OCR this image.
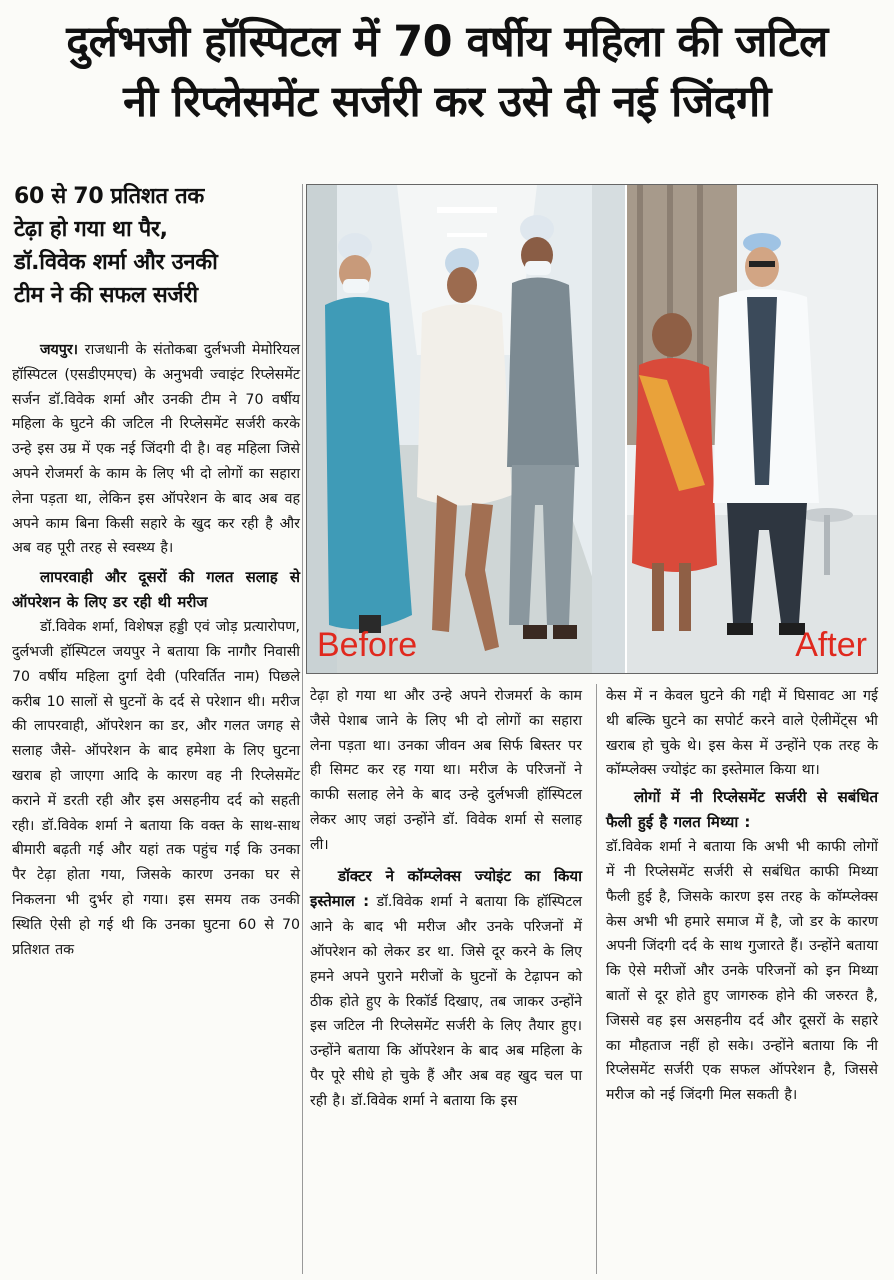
दुर्लभजी हॉस्पिटल में 70 वर्षीय महिला की जटिल
नी रिप्लेसमेंट सर्जरी कर उसे दी नई जिंदगी
60 से 70 प्रतिशत तक
टेढ़ा हो गया था पैर,
डॉ.विवेक शर्मा और उनकी
टीम ने की सफल सर्जरी
Before	After

जयपुर। राजधानी के संतोकबा दुर्लभजी मेमोरियल हॉस्पिटल (एसडीएमएच) के अनुभवी ज्वाइंट रिप्लेसमेंट सर्जन डॉ.विवेक शर्मा और उनकी टीम ने 70 वर्षीय महिला के घुटने की जटिल नी रिप्लेसमेंट सर्जरी करके उन्हे इस उम्र में एक नई जिंदगी दी है। वह महिला जिसे अपने रोजमर्रा के काम के लिए भी दो लोगों का सहारा लेना पड़ता था, लेकिन इस ऑपरेशन के बाद अब वह अपने काम बिना किसी सहारे के खुद कर रही है और अब वह पूरी तरह से स्वस्थ्य है।

लापरवाही और दूसरों की गलत सलाह से ऑपरेशन के लिए डर रही थी मरीज

डॉ.विवेक शर्मा, विशेषज्ञ हड्डी एवं जोड़ प्रत्यारोपण, दुर्लभजी हॉस्पिटल जयपुर ने बताया कि नागौर निवासी 70 वर्षीय महिला दुर्गा देवी (परिवर्तित नाम) पिछले करीब 10 सालों से घुटनों के दर्द से परेशान थी। मरीज की लापरवाही, ऑपरेशन का डर, और गलत जगह से सलाह जैसे- ऑपरेशन के बाद हमेशा के लिए घुटना खराब हो जाएगा आदि के कारण वह नी रिप्लेसमेंट कराने में डरती रही और इस असहनीय दर्द को सहती रही। डॉ.विवेक शर्मा ने बताया कि वक्त के साथ-साथ बीमारी बढ़ती गई और यहां तक पहुंच गई कि उनका पैर टेढ़ा होता गया, जिसके कारण उनका घर से निकलना भी दुर्भर हो गया। इस समय तक उनकी स्थिति ऐसी हो गई थी कि उनका घुटना 60 से 70 प्रतिशत तक

टेढ़ा हो गया था और उन्हे अपने रोजमर्रा के काम जैसे पेशाब जाने के लिए भी दो लोगों का सहारा लेना पड़ता था। उनका जीवन अब सिर्फ बिस्तर पर ही सिमट कर रह गया था। मरीज के परिजनों ने काफी सलाह लेने के बाद उन्हे दुर्लभजी हॉस्पिटल लेकर आए जहां उन्होंने डॉ. विवेक शर्मा से सलाह ली।

डॉक्टर ने कॉम्प्लेक्स ज्योइंट का किया इस्तेमाल : डॉ.विवेक शर्मा ने बताया कि हॉस्पिटल आने के बाद भी मरीज और उनके परिजनों में ऑपरेशन को लेकर डर था. जिसे दूर करने के लिए हमने अपने पुराने मरीजों के घुटनों के टेढ़ापन को ठीक होते हुए के रिकॉर्ड दिखाए, तब जाकर उन्होंने इस जटिल नी रिप्लेसमेंट सर्जरी के लिए तैयार हुए। उन्होंने बताया कि ऑपरेशन के बाद अब महिला के पैर पूरे सीधे हो चुके हैं और अब वह खुद चल पा रही है। डॉ.विवेक शर्मा ने बताया कि इस

केस में न केवल घुटने की गद्दी में घिसावट आ गई थी बल्कि घुटने का सपोर्ट करने वाले ऐलीमेंट्स भी खराब हो चुके थे। इस केस में उन्होंने एक तरह के कॉम्प्लेक्स ज्योइंट का इस्तेमाल किया था।

लोगों में नी रिप्लेसमेंट सर्जरी से सबंधित फैली हुई है गलत मिथ्या :

डॉ.विवेक शर्मा ने बताया कि अभी भी काफी लोगों में नी रिप्लेसमेंट सर्जरी से सबंधित काफी मिथ्या फैली हुई है, जिसके कारण इस तरह के कॉम्प्लेक्स केस अभी भी हमारे समाज में है, जो डर के कारण अपनी जिंदगी दर्द के साथ गुजारते हैं। उन्होंने बताया कि ऐसे मरीजों और उनके परिजनों को इन मिथ्या बातों से दूर होते हुए जागरुक होने की जरुरत है, जिससे वह इस असहनीय दर्द और दूसरों के सहारे का मौहताज नहीं हो सके। उन्होंने बताया कि नी रिप्लेसमेंट सर्जरी एक सफल ऑपरेशन है, जिससे मरीज को नई जिंदगी मिल सकती है।
